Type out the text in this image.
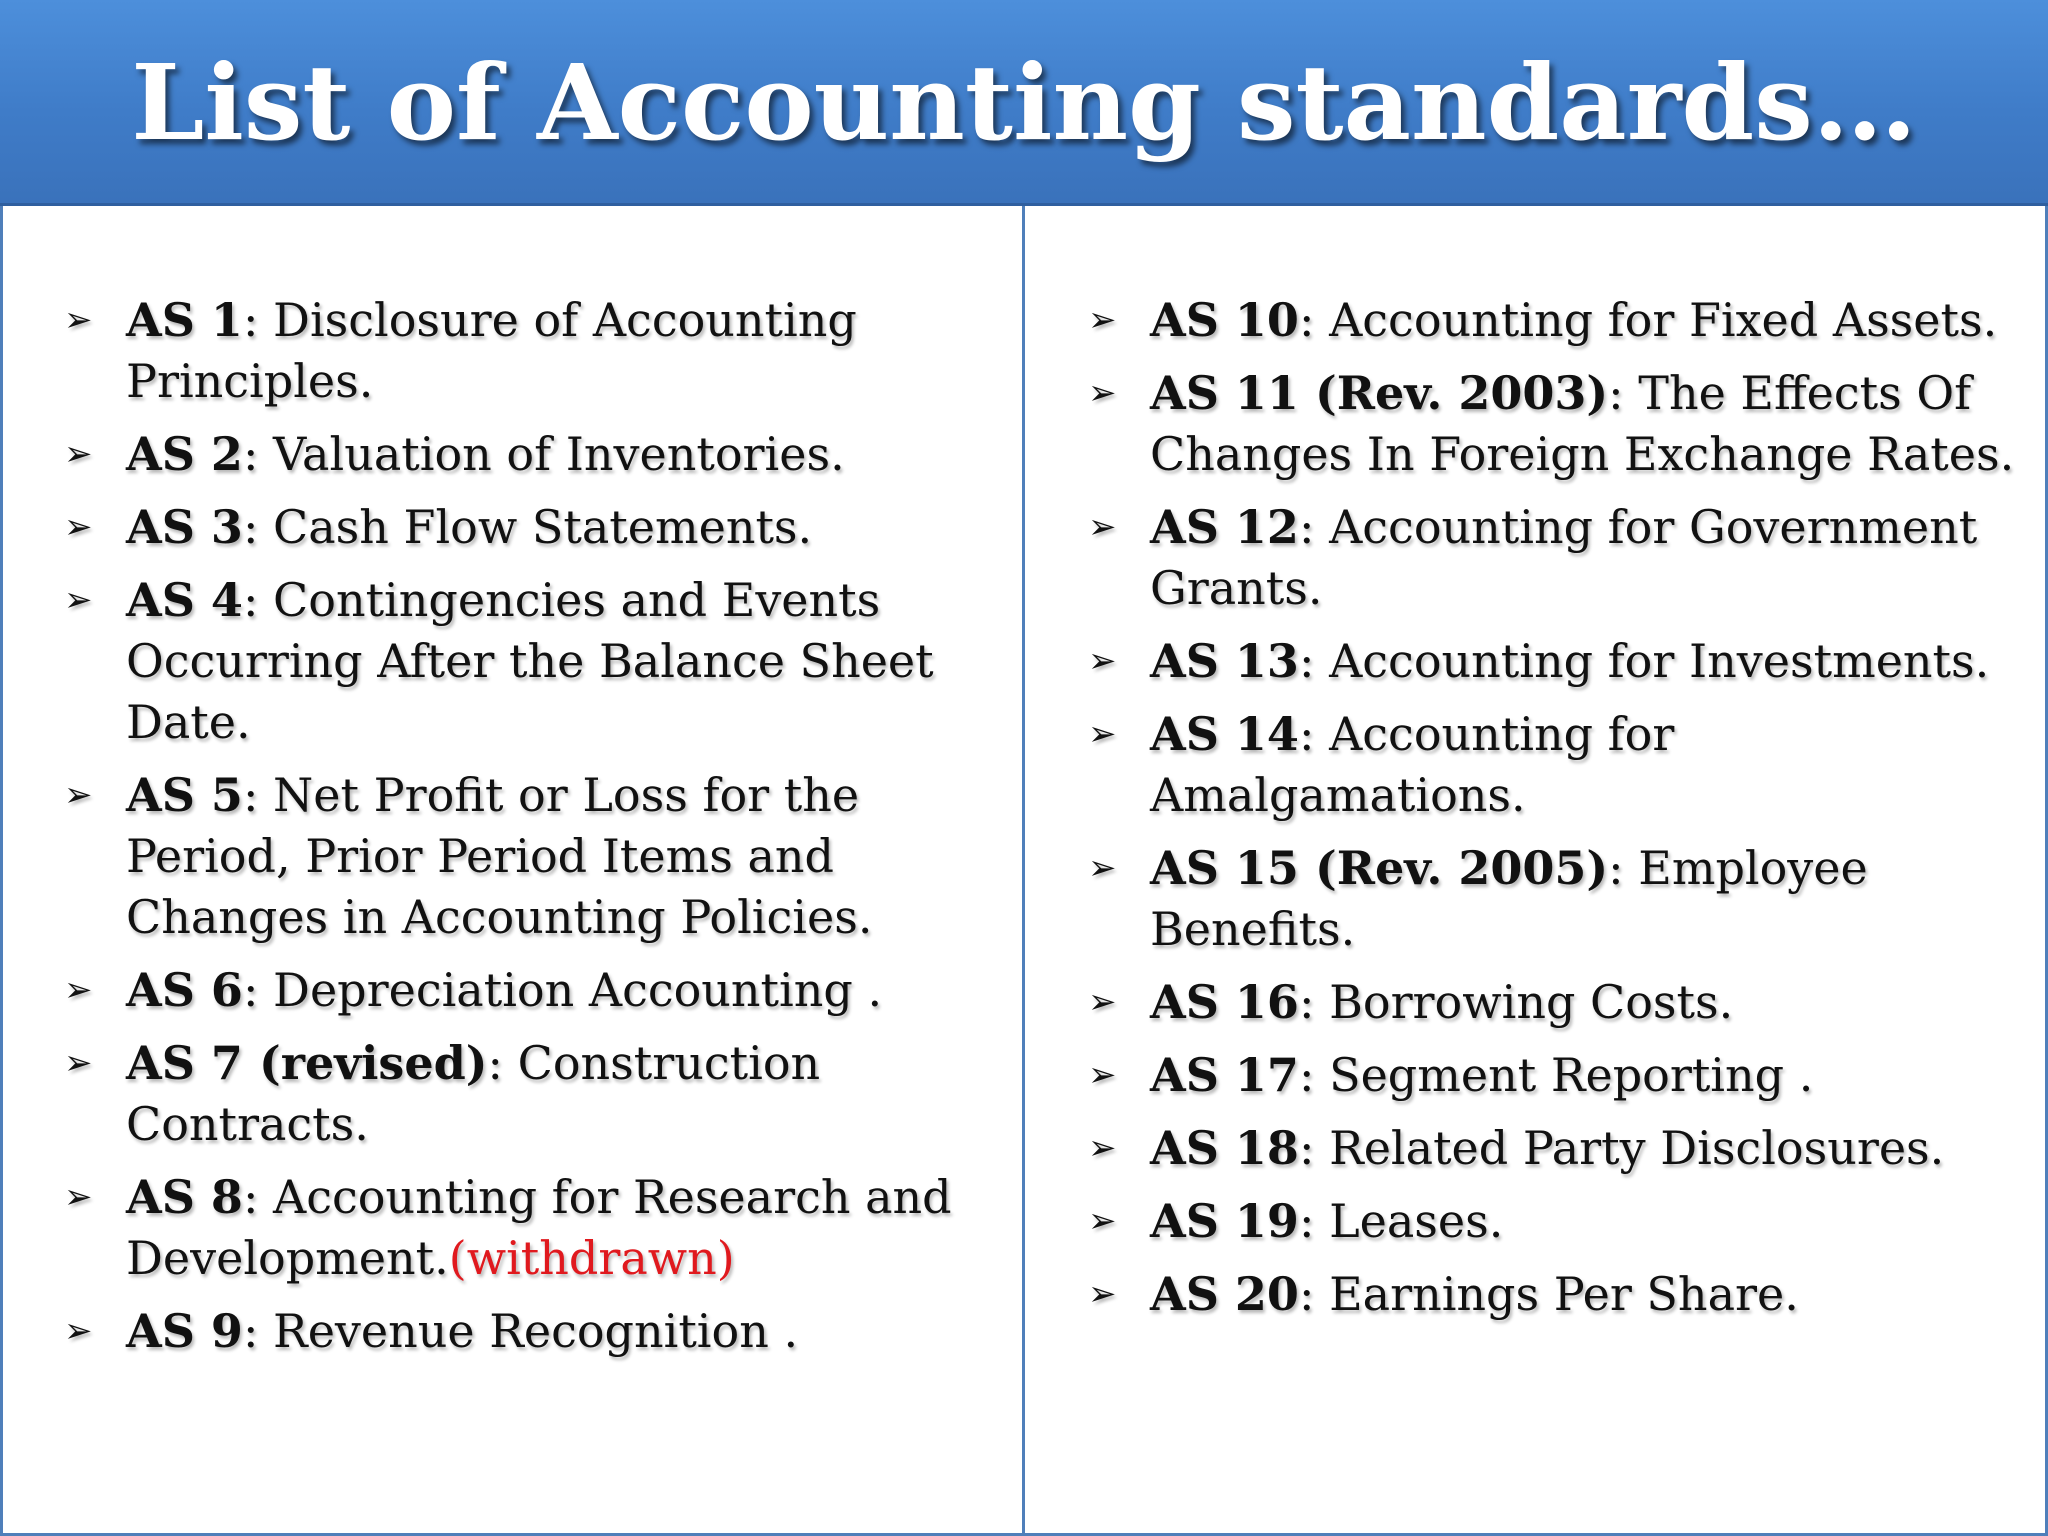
List of Accounting standards…
➢ AS 1: Disclosure of Accounting Principles.
➢ AS 2: Valuation of Inventories.
➢ AS 3: Cash Flow Statements.
➢ AS 4: Contingencies and Events Occurring After the Balance Sheet Date.
➢ AS 5: Net Profit or Loss for the Period, Prior Period Items and Changes in Accounting Policies.
➢ AS 6: Depreciation Accounting .
➢ AS 7 (revised): Construction Contracts.
➢ AS 8: Accounting for Research and Development.(withdrawn)
➢ AS 9: Revenue Recognition .
➢ AS 10: Accounting for Fixed Assets.
➢ AS 11 (Rev. 2003): The Effects Of Changes In Foreign Exchange Rates.
➢ AS 12: Accounting for Government Grants.
➢ AS 13: Accounting for Investments.
➢ AS 14: Accounting for Amalgamations.
➢ AS 15 (Rev. 2005): Employee Benefits.
➢ AS 16: Borrowing Costs.
➢ AS 17: Segment Reporting .
➢ AS 18: Related Party Disclosures.
➢ AS 19: Leases.
➢ AS 20: Earnings Per Share.
